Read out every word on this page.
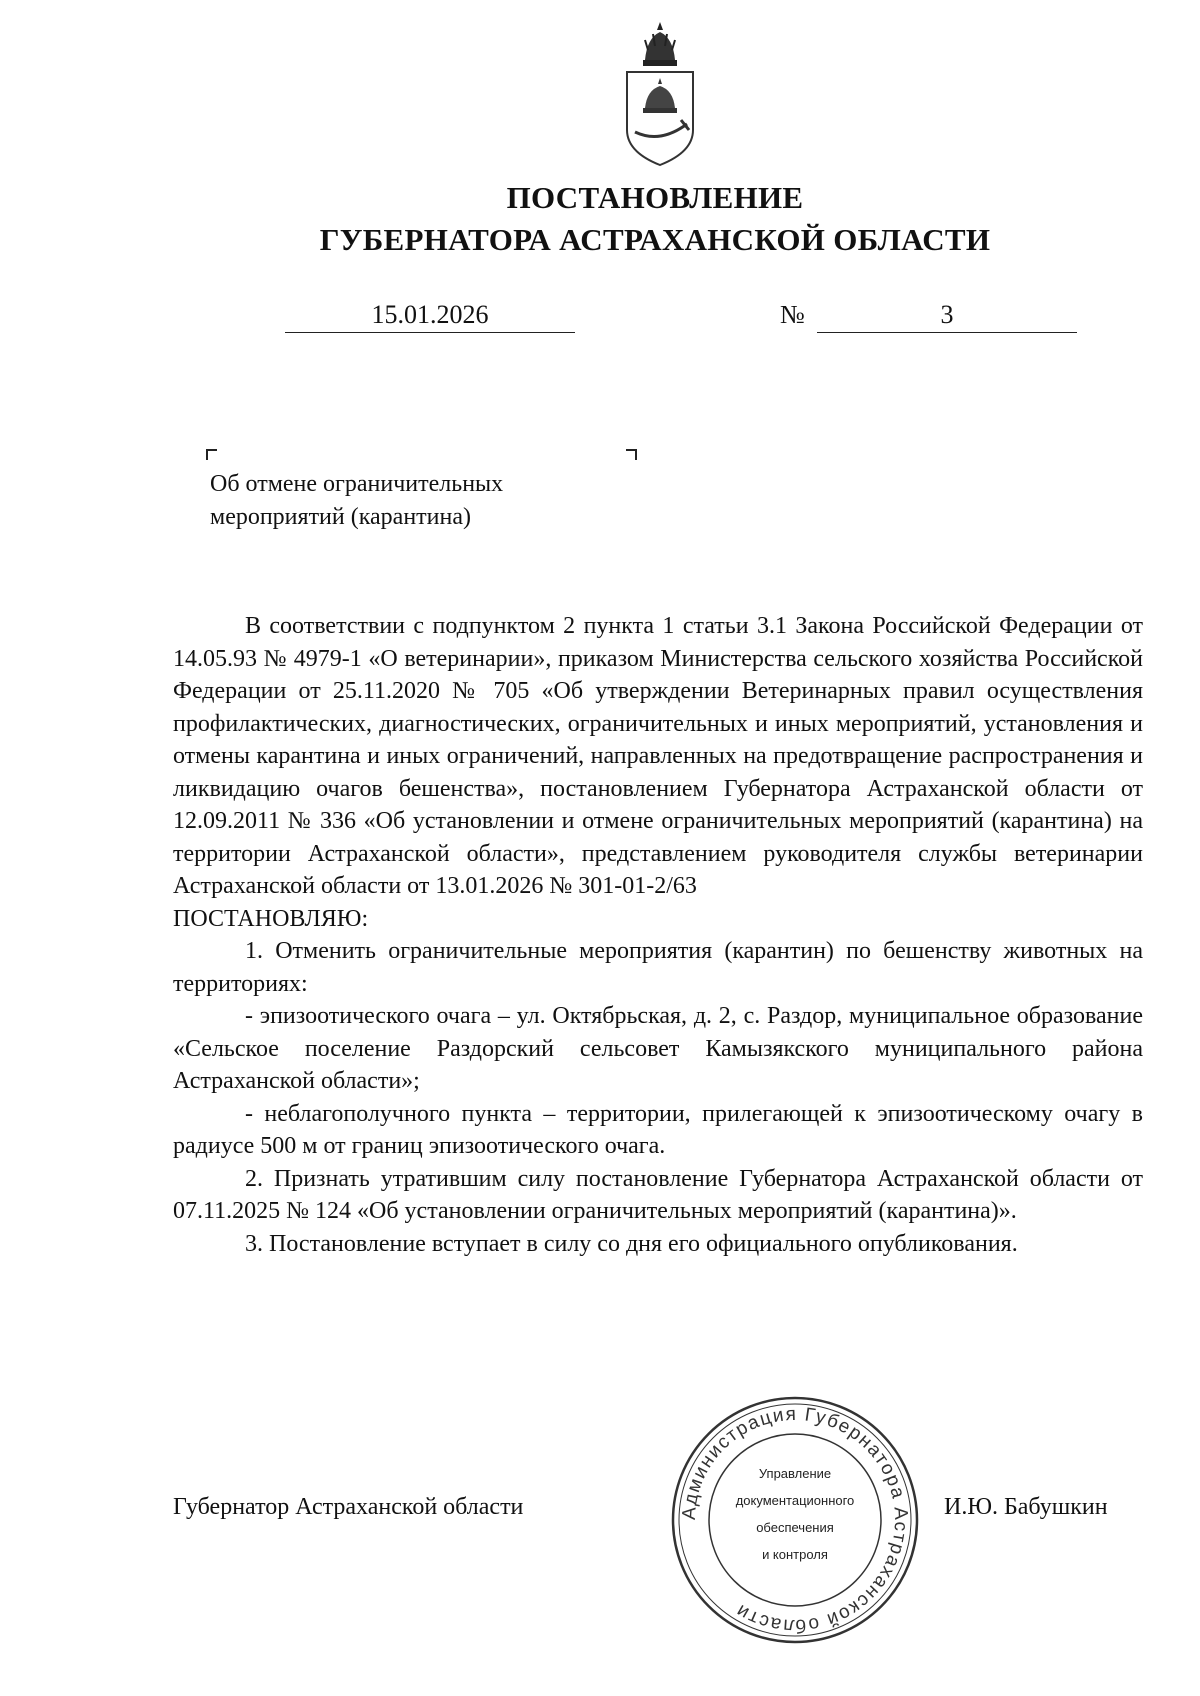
ПОСТАНОВЛЕНИЕ
ГУБЕРНАТОРА АСТРАХАНСКОЙ ОБЛАСТИ
15.01.2026	№	3
Об отмене ограничительных
мероприятий (карантина)

В соответствии с подпунктом 2 пункта 1 статьи 3.1 Закона Российской Федерации от 14.05.93 № 4979-1 «О ветеринарии», приказом Министерства сельского хозяйства Российской Федерации от 25.11.2020 № 705 «Об утверждении Ветеринарных правил осуществления профилактических, диагностических, ограничительных и иных мероприятий, установления и отмены карантина и иных ограничений, направленных на предотвращение распространения и ликвидацию очагов бешенства», постановлением Губернатора Астраханской области от 12.09.2011 № 336 «Об установлении и отмене ограничительных мероприятий (карантина) на территории Астраханской области», представлением руководителя службы ветеринарии Астраханской области от 13.01.2026 № 301-01-2/63

ПОСТАНОВЛЯЮ:

1. Отменить ограничительные мероприятия (карантин) по бешенству животных на территориях:

- эпизоотического очага – ул. Октябрьская, д. 2, с. Раздор, муниципальное образование «Сельское поселение Раздорский сельсовет Камызякского муниципального района Астраханской области»;

- неблагополучного пункта – территории, прилегающей к эпизоотическому очагу в радиусе 500 м от границ эпизоотического очага.

2. Признать утратившим силу постановление Губернатора Астраханской области от 07.11.2025 № 124 «Об установлении ограничительных мероприятий (карантина)».

3. Постановление вступает в силу со дня его официального опубликования.

Губернатор Астраханской области	И.Ю. Бабушкин
Администрация Губернатора Астраханской области
Управление
документационного
обеспечения
и контроля
